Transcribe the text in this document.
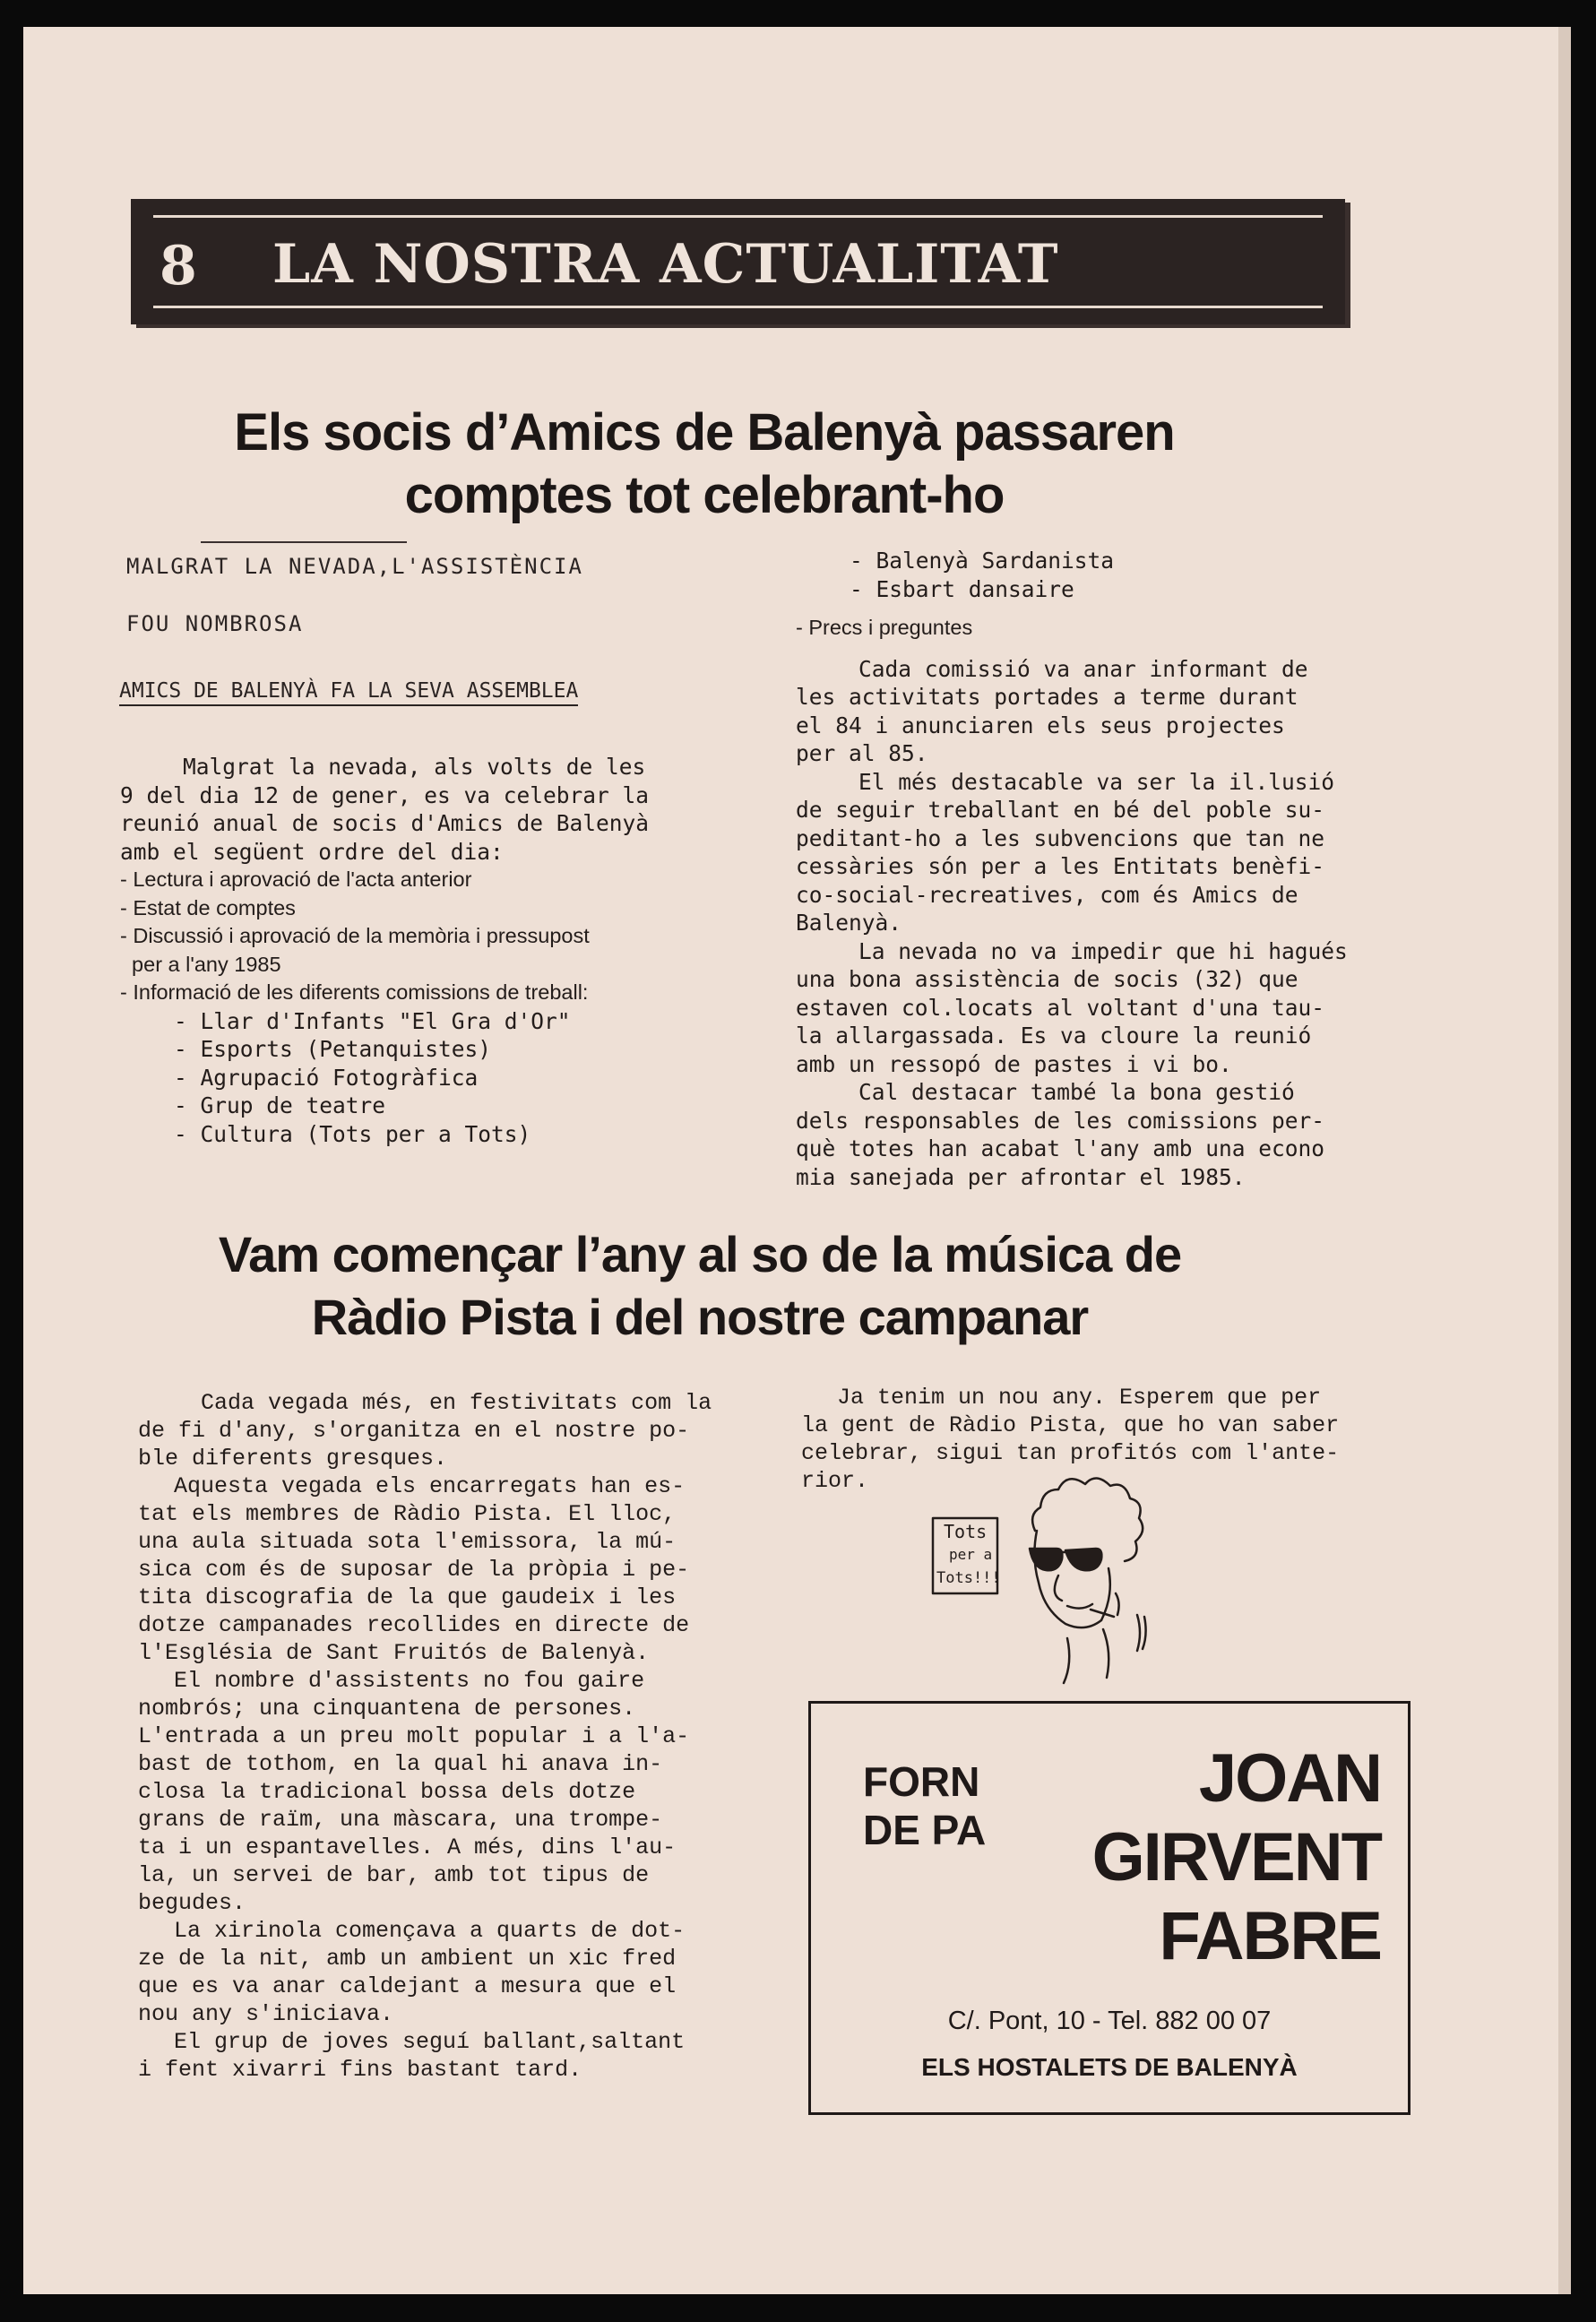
8 LA NOSTRA ACTUALITAT
Els socis d’Amics de Balenyà passaren
comptes tot celebrant-ho
MALGRAT LA NEVADA,L'ASSISTÈNCIA
FOU NOMBROSA
AMICS DE BALENYÀ FA LA SEVA ASSEMBLEA

Malgrat la nevada, als volts de les

9 del dia 12 de gener, es va celebrar la

reunió anual de socis d'Amics de Balenyà

amb el següent ordre del dia:

- Lectura i aprovació de l'acta anterior
- Estat de comptes
- Discussió i aprovació de la memòria i pressupost
per a l'any 1985
- Informació de les diferents comissions de treball:
- Llar d'Infants "El Gra d'Or"
- Esports (Petanquistes)
- Agrupació Fotogràfica
- Grup de teatre
- Cultura (Tots per a Tots)
- Balenyà Sardanista
- Esbart dansaire

- Precs i preguntes

Cada comissió va anar informant de

les activitats portades a terme durant

el 84 i anunciaren els seus projectes

per al 85.

El més destacable va ser la il.lusió

de seguir treballant en bé del poble su-

peditant-ho a les subvencions que tan ne

cessàries són per a les Entitats benèfi-

co-social-recreatives, com és Amics de

Balenyà.

La nevada no va impedir que hi hagués

una bona assistència de socis (32) que

estaven col.locats al voltant d'una tau-

la allargassada. Es va cloure la reunió

amb un ressopó de pastes i vi bo.

Cal destacar també la bona gestió

dels responsables de les comissions per-

què totes han acabat l'any amb una econo

mia sanejada per afrontar el 1985.

Vam començar l’any al so de la música de
Ràdio Pista i del nostre campanar

Cada vegada més, en festivitats com la

de fi d'any, s'organitza en el nostre po-

ble diferents gresques.

Aquesta vegada els encarregats han es-

tat els membres de Ràdio Pista. El lloc,

una aula situada sota l'emissora, la mú-

sica com és de suposar de la pròpia i pe-

tita discografia de la que gaudeix i les

dotze campanades recollides en directe de

l'Església de Sant Fruitós de Balenyà.

El nombre d'assistents no fou gaire

nombrós; una cinquantena de persones.

L'entrada a un preu molt popular i a l'a-

bast de tothom, en la qual hi anava in-

closa la tradicional bossa dels dotze

grans de raïm, una màscara, una trompe-

ta i un espantavelles. A més, dins l'au-

la, un servei de bar, amb tot tipus de

begudes.

La xirinola començava a quarts de dot-

ze de la nit, amb un ambient un xic fred

que es va anar caldejant a mesura que el

nou any s'iniciava.

El grup de joves seguí ballant,saltant

i fent xivarri fins bastant tard.

Ja tenim un nou any. Esperem que per

la gent de Ràdio Pista, que ho van saber

celebrar, sigui tan profitós com l'ante-

rior.

Tots
per a
Tots!!!
FORN
DE PA
JOAN
GIRVENT
FABRE
C/. Pont, 10 - Tel. 882 00 07
ELS HOSTALETS DE BALENYÀ
